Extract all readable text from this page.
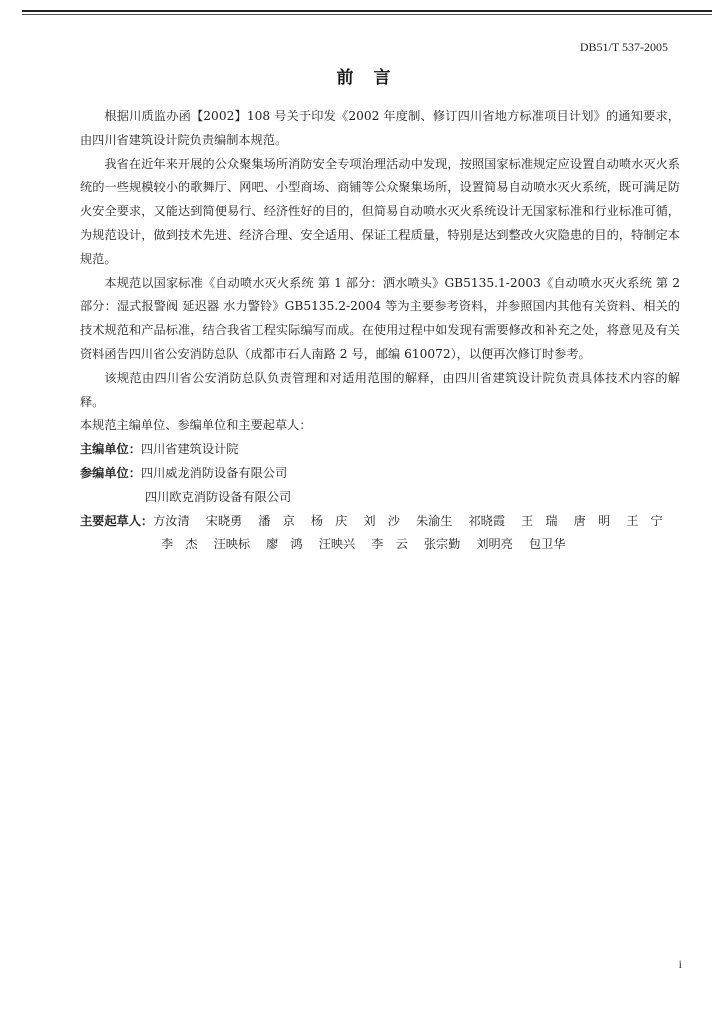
DB51/T 537-2005
前言

根据川质监办函【2002】108 号关于印发《2002 年度制、修订四川省地方标准项目计划》的通知要求，由四川省建筑设计院负责编制本规范。

我省在近年来开展的公众聚集场所消防安全专项治理活动中发现，按照国家标准规定应设置自动喷水灭火系统的一些规模较小的歌舞厅、网吧、小型商场、商铺等公众聚集场所，设置简易自动喷水灭火系统，既可满足防火安全要求，又能达到简便易行、经济性好的目的，但简易自动喷水灭火系统设计无国家标准和行业标准可循，为规范设计，做到技术先进、经济合理、安全适用、保证工程质量，特别是达到整改火灾隐患的目的，特制定本规范。

本规范以国家标准《自动喷水灭火系统 第 1 部分：洒水喷头》GB5135.1-2003《自动喷水灭火系统 第 2 部分：湿式报警阀 延迟器 水力警铃》GB5135.2-2004 等为主要参考资料，并参照国内其他有关资料、相关的技术规范和产品标准，结合我省工程实际编写而成。在使用过程中如发现有需要修改和补充之处，将意见及有关资料函告四川省公安消防总队（成都市石人南路 2 号，邮编 610072），以便再次修订时参考。

该规范由四川省公安消防总队负责管理和对适用范围的解释，由四川省建筑设计院负责具体技术内容的解释。

本规范主编单位、参编单位和主要起草人：

主编单位：四川省建筑设计院

参编单位：四川威龙消防设备有限公司

四川欧克消防设备有限公司

主要起草人： 方汝清 宋晓勇 潘　京 杨　庆 刘　沙 朱渝生 祁晓霞 王　瑞 唐　明 王　宁
李　杰 汪映标 廖　鸿 汪映兴 李　云 张宗勤 刘明亮 包卫华
i
